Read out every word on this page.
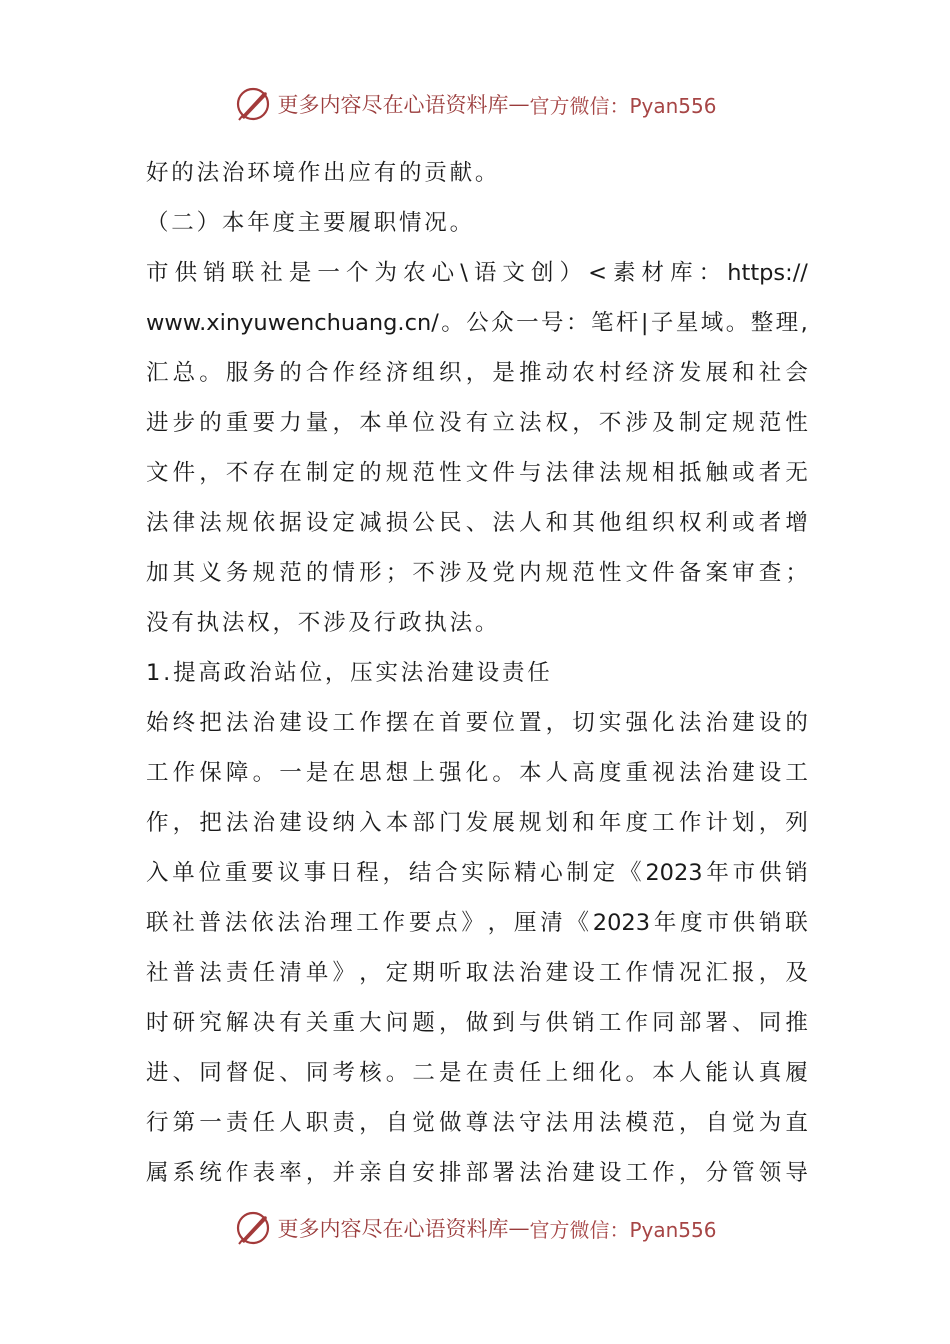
更多内容尽在心语资料库 — 官方微信：Pyan556
好的法治环境作出应有的贡献。
（二）本年度主要履职情况。
市 供 销 联 社 是 一 个 为 农 心 \ 语 文 创 ） < 素 材 库 ： https://
www.xinyuwenchuang.cn/ 。 公 众 一 号 ： 笔 杆 | 子 星 域 。 整 理 ,
汇 总 。 服 务 的 合 作 经 济 组 织 ， 是 推 动 农 村 经 济 发 展 和 社 会
进 步 的 重 要 力 量 ， 本 单 位 没 有 立 法 权 ， 不 涉 及 制 定 规 范 性
文 件 ， 不 存 在 制 定 的 规 范 性 文 件 与 法 律 法 规 相 抵 触 或 者 无
法 律 法 规 依 据 设 定 减 损 公 民 、 法 人 和 其 他 组 织 权 利 或 者 增
加 其 义 务 规 范 的 情 形 ； 不 涉 及 党 内 规 范 性 文 件 备 案 审 查 ；
没有执法权，不涉及行政执法。
1.提高政治站位，压实法治建设责任
始 终 把 法 治 建 设 工 作 摆 在 首 要 位 置 ， 切 实 强 化 法 治 建 设 的
工 作 保 障 。 一 是 在 思 想 上 强 化 。 本 人 高 度 重 视 法 治 建 设 工
作 ， 把 法 治 建 设 纳 入 本 部 门 发 展 规 划 和 年 度 工 作 计 划 ， 列
入 单 位 重 要 议 事 日 程 ， 结 合 实 际 精 心 制 定 《 2023 年 市 供 销
联 社 普 法 依 法 治 理 工 作 要 点 》 ， 厘 清 《 2023 年 度 市 供 销 联
社 普 法 责 任 清 单 》 ， 定 期 听 取 法 治 建 设 工 作 情 况 汇 报 ， 及
时 研 究 解 决 有 关 重 大 问 题 ， 做 到 与 供 销 工 作 同 部 署 、 同 推
进 、 同 督 促 、 同 考 核 。 二 是 在 责 任 上 细 化 。 本 人 能 认 真 履
行 第 一 责 任 人 职 责 ， 自 觉 做 尊 法 守 法 用 法 模 范 ， 自 觉 为 直
属 系 统 作 表 率 ， 并 亲 自 安 排 部 署 法 治 建 设 工 作 ， 分 管 领 导
更多内容尽在心语资料库 — 官方微信：Pyan556
